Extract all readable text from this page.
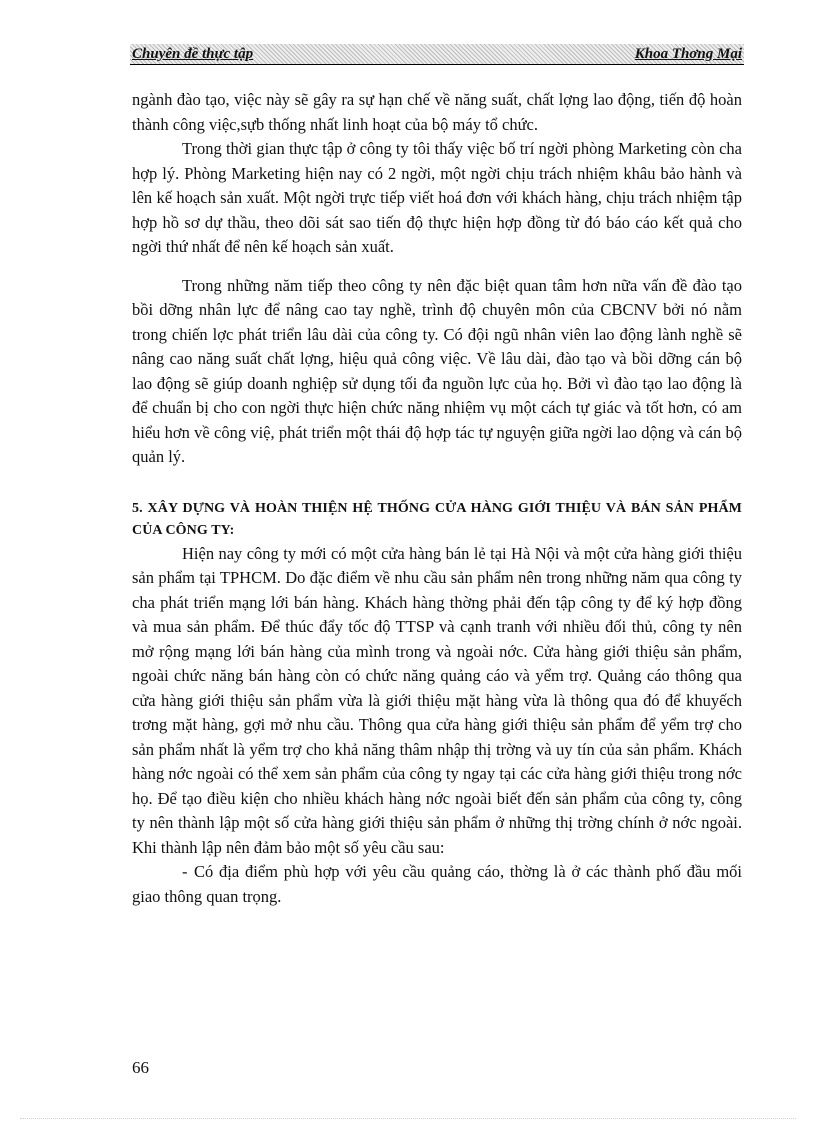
Chuyên đề thực tập	Khoa Thơng Mại

ngành đào tạo, việc này sẽ gây ra sự hạn chế về năng suất, chất lợng lao động, tiến độ hoàn thành công việc,sựb thống nhất linh hoạt của bộ máy tổ chức.

Trong thời gian thực tập ở công ty tôi thấy việc bố trí ngời phòng Marketing còn cha hợp lý. Phòng Marketing hiện nay có 2 ngời, một ngời chịu trách nhiệm khâu bảo hành và lên kế hoạch sản xuất. Một ngời trực tiếp viết hoá đơn với khách hàng, chịu trách nhiệm tập hợp hồ sơ dự thầu, theo dõi sát sao tiến độ thực hiện hợp đồng từ đó báo cáo kết quả cho ngời thứ nhất để nên kế hoạch sản xuất.

Trong những năm tiếp theo công ty nên đặc biệt quan tâm hơn nữa vấn đề đào tạo bồi dỡng nhân lực để nâng cao tay nghề, trình độ chuyên môn của CBCNV bởi nó nằm trong chiến lợc phát triển lâu dài của công ty. Có đội ngũ nhân viên lao động lành nghề sẽ nâng cao năng suất chất lợng, hiệu quả công việc. Về lâu dài, đào tạo và bồi dỡng cán bộ lao động sẽ giúp doanh nghiệp sử dụng tối đa nguồn lực của họ. Bởi vì đào tạo lao động là để chuẩn bị cho con ngời thực hiện chức năng nhiệm vụ một cách tự giác và tốt hơn, có am hiểu hơn về công việ, phát triển một thái độ hợp tác tự nguyện giữa ngời lao dộng và cán bộ quản lý.

5. XÂY DỰNG VÀ HOÀN THIỆN HỆ THỐNG CỬA HÀNG GIỚI THIỆU VÀ BÁN SẢN PHẨM CỦA CÔNG TY:

Hiện nay công ty mới có một cửa hàng bán lẻ tại Hà Nội và một cửa hàng giới thiệu sản phẩm tại TPHCM. Do đặc điểm về nhu cầu sản phẩm nên trong những năm qua công ty cha phát triển mạng lới bán hàng. Khách hàng thờng phải đến tập công ty để ký hợp đồng và mua sản phẩm. Để thúc đẩy tốc độ TTSP và cạnh tranh với nhiều đối thủ, công ty nên mở rộng mạng lới bán hàng của mình trong và ngoài nớc. Cửa hàng giới thiệu sản phẩm, ngoài chức năng bán hàng còn có chức năng quảng cáo và yểm trợ. Quảng cáo thông qua cửa hàng giới thiệu sản phẩm vừa là giới thiệu mặt hàng vừa là thông qua đó để khuyếch trơng mặt hàng, gợi mở nhu cầu. Thông qua cửa hàng giới thiệu sản phẩm để yểm trợ cho sản phẩm nhất là yểm trợ cho khả năng thâm nhập thị trờng và uy tín của sản phẩm. Khách hàng nớc ngoài có thể xem sản phẩm của công ty ngay tại các cửa hàng giới thiệu trong nớc họ. Để tạo điều kiện cho nhiều khách hàng nớc ngoài biết đến sản phẩm của công ty, công ty nên thành lập một số cửa hàng giới thiệu sản phẩm ở những thị trờng chính ở nớc ngoài. Khi thành lập nên đảm bảo một số yêu cầu sau:

- Có địa điểm phù hợp với yêu cầu quảng cáo, thờng là ở các thành phố đầu mối giao thông quan trọng.

66
